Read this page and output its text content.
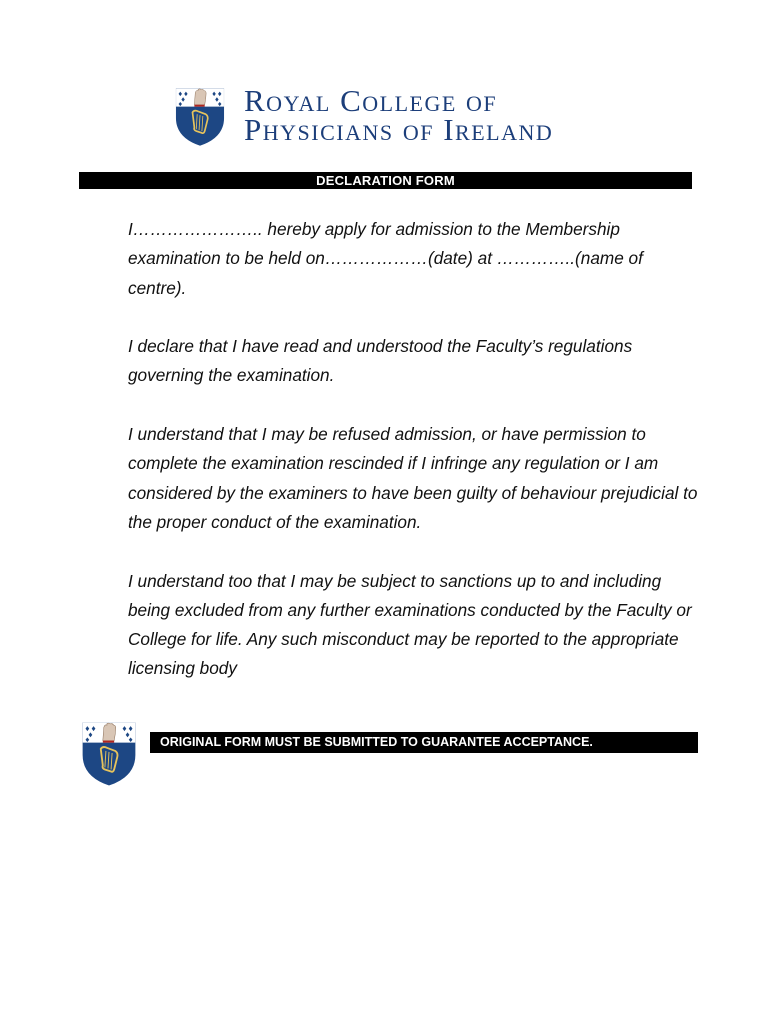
Royal College of
Physicians of Ireland
DECLARATION FORM

I………………….. hereby apply for admission to the Membership examination to be held on………………(date) at …………..(name of centre).

I declare that I have read and understood the Faculty’s regulations governing the examination.

I understand that I may be refused admission, or have permission to complete the examination rescinded if I infringe any regulation or I am considered by the examiners to have been guilty of behaviour prejudicial to the proper conduct of the examination.

I understand too that I may be subject to sanctions up to and including being excluded from any further examinations conducted by the Faculty or College for life. Any such misconduct may be reported to the appropriate licensing body

ORIGINAL FORM MUST BE SUBMITTED TO GUARANTEE ACCEPTANCE.
